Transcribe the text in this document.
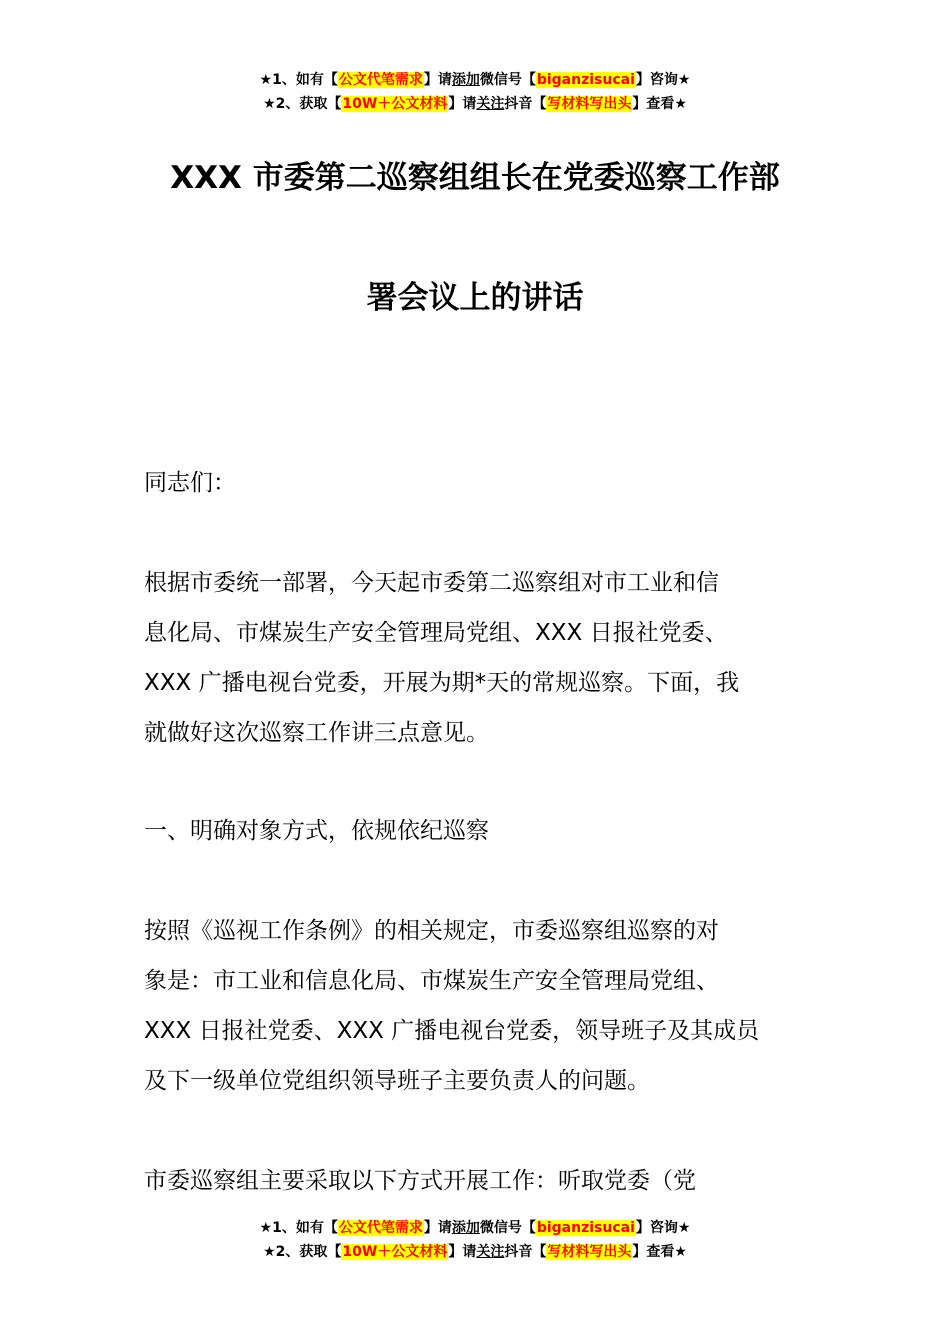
★1、如有【公文代笔需求】请添加微信号【biganzisucai】咨询★
★2、获取【10W＋公文材料】请关注抖音【写材料写出头】查看★
XXX 市委第二巡察组组长在党委巡察工作部
署会议上的讲话
同志们：
根据市委统一部署，今天起市委第二巡察组对市工业和信
息化局、市煤炭生产安全管理局党组、XXX 日报社党委、
XXX 广播电视台党委，开展为期*天的常规巡察。下面，我
就做好这次巡察工作讲三点意见。
一、明确对象方式，依规依纪巡察
按照《巡视工作条例》的相关规定，市委巡察组巡察的对
象是：市工业和信息化局、市煤炭生产安全管理局党组、
XXX 日报社党委、XXX 广播电视台党委，领导班子及其成员
及下一级单位党组织领导班子主要负责人的问题。
市委巡察组主要采取以下方式开展工作：听取党委（党
★1、如有【公文代笔需求】请添加微信号【biganzisucai】咨询★
★2、获取【10W＋公文材料】请关注抖音【写材料写出头】查看★
